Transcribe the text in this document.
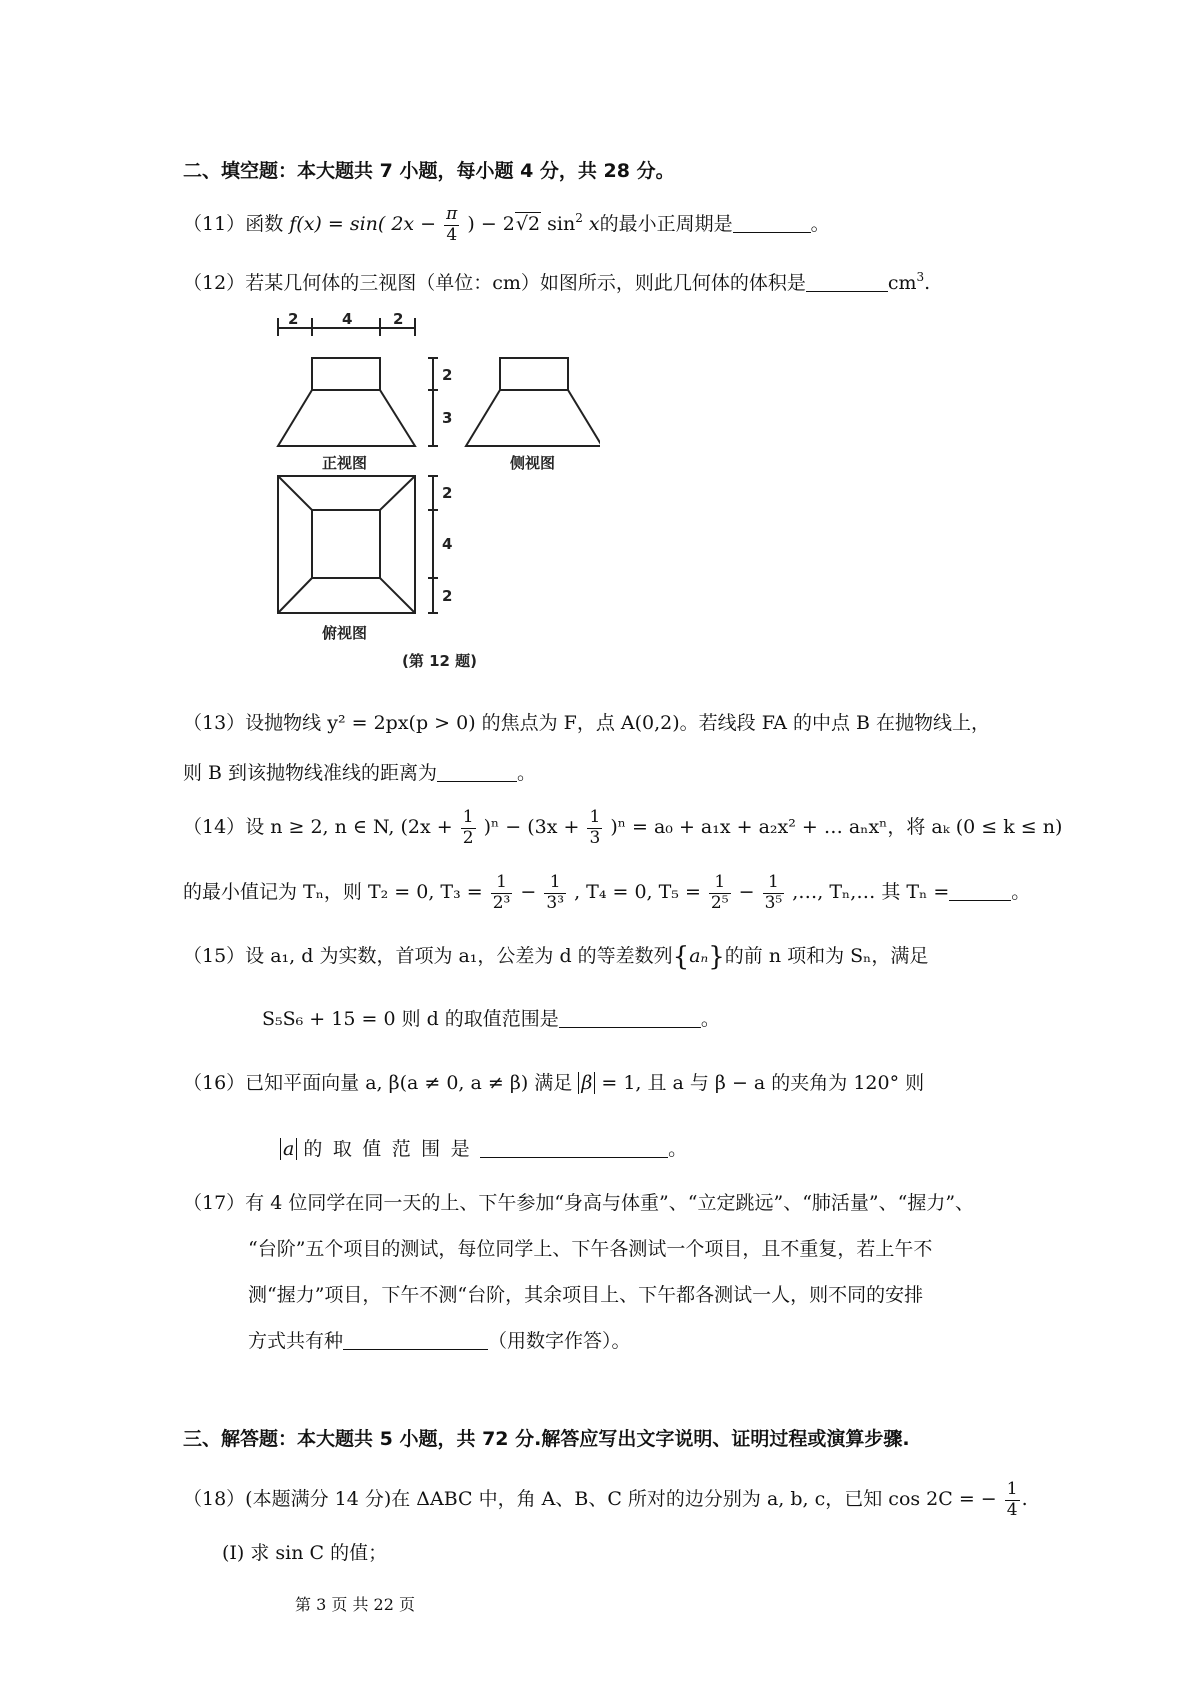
二、填空题：本大题共 7 小题，每小题 4 分，共 28 分。
（11）函数 f(x) = sin( $2x - \frac{\pi}{4}$ ) − 2√2 $\sin^2 x$的最小正周期是	。
（12）若某几何体的三视图（单位：cm）如图所示，则此几何体的体积是	$cm^3$.
2	4	2
2
3
2
4
2
正视图	侧视图
俯视图
(第 12 题)
（13）设抛物线 y² = 2px(p > 0) 的焦点为 F，点 A(0,2)。若线段 FA 的中点 B 在抛物线上，
则 B 到该抛物线准线的距离为	。
（14）设 n ≥ 2, n ∈ N, $(2x + \frac{1}{2} )^n - (3x + \frac{1}{3} )^n = a_0 + a_1x + a_2x^2$ + … aₙxⁿ，将 aₖ (0 ≤ k ≤ n)
的最小值记为 Tₙ，则 T₂ = 0, $T_3 = \frac{1}{\text{2³}} - \frac{1}{\text{3³}}$ , T₄ = 0, $T_5 = \frac{1}{\text{2⁵}} - \frac{1}{\text{3⁵}}$ ,…, Tₙ,… 其 Tₙ =	。
（15）设 a₁, d 为实数，首项为 a₁，公差为 d 的等差数列{aₙ}的前 n 项和为 Sₙ，满足
S₅S₆ + 15 = 0 则 d 的取值范围是	。
（16）已知平面向量 a, β(a ≠ 0, a ≠ β) 满足 β = 1, 且 a 与 β − a 的夹角为 120° 则
a 的取值范围是	。
（17）有 4 位同学在同一天的上、下午参加“身高与体重”、“立定跳远”、“肺活量”、“握力”、
“台阶”五个项目的测试，每位同学上、下午各测试一个项目，且不重复，若上午不
测“握力”项目，下午不测“台阶，其余项目上、下午都各测试一人，则不同的安排
方式共有种	（用数字作答）。
三、解答题：本大题共 5 小题，共 72 分.解答应写出文字说明、证明过程或演算步骤.
（18）(本题满分 14 分)在 ΔABC 中，角 A、B、C 所对的边分别为 a, b, c，已知 cos 2C = − $\frac{1}{4}$ .
(I) 求 sin C 的值；
第 3 页 共 22 页
